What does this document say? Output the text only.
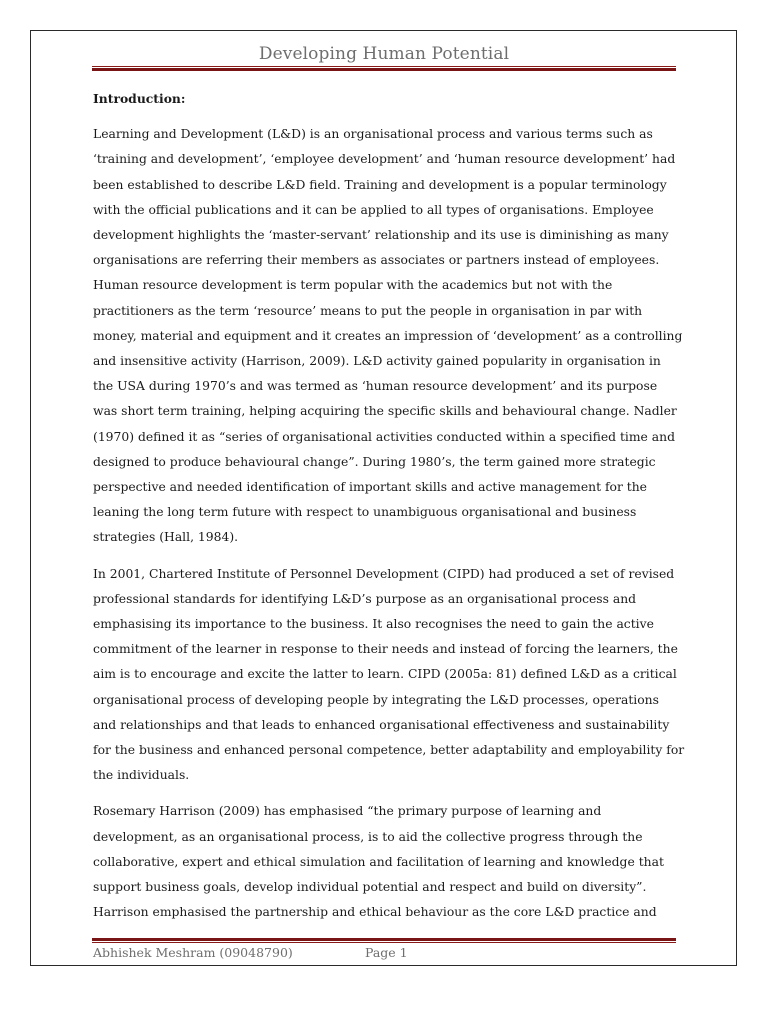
Developing Human Potential
Introduction:
Learning and Development (L&D) is an organisational process and various terms such as
‘training and development’, ‘employee development’ and ‘human resource development’ had
been established to describe L&D field. Training and development is a popular terminology
with the official publications and it can be applied to all types of organisations. Employee
development highlights the ‘master-servant’ relationship and its use is diminishing as many
organisations are referring their members as associates or partners instead of employees.
Human resource development is term popular with the academics but not with the
practitioners as the term ‘resource’ means to put the people in organisation in par with
money, material and equipment and it creates an impression of ‘development’ as a controlling
and insensitive activity (Harrison, 2009). L&D activity gained popularity in organisation in
the USA during 1970’s and was termed as ‘human resource development’ and its purpose
was short term training, helping acquiring the specific skills and behavioural change. Nadler
(1970) defined it as “series of organisational activities conducted within a specified time and
designed to produce behavioural change”. During 1980’s, the term gained more strategic
perspective and needed identification of important skills and active management for the
leaning the long term future with respect to unambiguous organisational and business
strategies (Hall, 1984).
In 2001, Chartered Institute of Personnel Development (CIPD) had produced a set of revised
professional standards for identifying L&D’s purpose as an organisational process and
emphasising its importance to the business. It also recognises the need to gain the active
commitment of the learner in response to their needs and instead of forcing the learners, the
aim is to encourage and excite the latter to learn. CIPD (2005a: 81) defined L&D as a critical
organisational process of developing people by integrating the L&D processes, operations
and relationships and that leads to enhanced organisational effectiveness and sustainability
for the business and enhanced personal competence, better adaptability and employability for
the individuals.
Rosemary Harrison (2009) has emphasised “the primary purpose of learning and
development, as an organisational process, is to aid the collective progress through the
collaborative, expert and ethical simulation and facilitation of learning and knowledge that
support business goals, develop individual potential and respect and build on diversity”.
Harrison emphasised the partnership and ethical behaviour as the core L&D practice and
Abhishek Meshram (09048790)	Page 1
